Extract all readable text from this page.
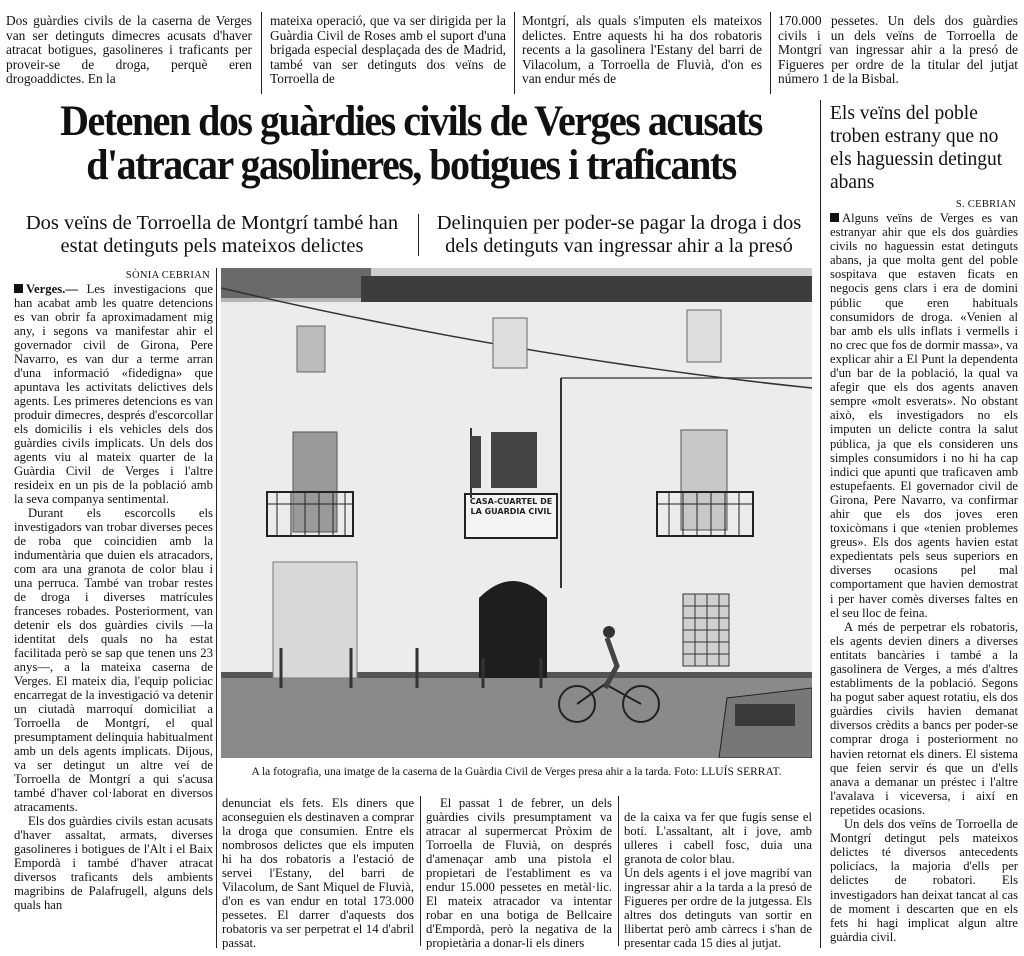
Dos guàrdies civils de la caserna de Verges van ser detinguts dimecres acusats d'haver atracat botigues, gasolineres i traficants per proveir-se de droga, perquè eren drogoaddictes. En la
mateixa operació, que va ser dirigida per la Guàrdia Civil de Roses amb el suport d'una brigada especial desplaçada des de Madrid, també van ser detinguts dos veïns de Torroella de
Montgrí, als quals s'imputen els mateixos delictes. Entre aquests hi ha dos robatoris recents a la gasolinera l'Estany del barri de Vilacolum, a Torroella de Fluvià, d'on es van endur més de
170.000 pessetes. Un dels dos guàrdies civils i un dels veïns de Torroella de Montgrí van ingressar ahir a la presó de Figueres per ordre de la titular del jutjat número 1 de la Bisbal.
Detenen dos guàrdies civils de Verges acusats d'atracar gasolineres, botigues i traficants
Dos veïns de Torroella de Montgrí també han estat detinguts pels mateixos delictes
Delinquien per poder-se pagar la droga i dos dels detinguts van ingressar ahir a la presó
Els veïns del poble troben estrany que no els haguessin detingut abans
S. CEBRIAN

Alguns veïns de Verges es van estranyar ahir que els dos guàrdies civils no haguessin estat detinguts abans, ja que molta gent del poble sospitava que estaven ficats en negocis gens clars i era de domini públic que eren habituals consumidors de droga. «Venien al bar amb els ulls inflats i vermells i no crec que fos de dormir massa», va explicar ahir a El Punt la dependenta d'un bar de la població, la qual va afegir que els dos agents anaven sempre «molt esverats». No obstant això, els investigadors no els imputen un delicte contra la salut pública, ja que els consideren uns simples consumidors i no hi ha cap indici que apunti que traficaven amb estupefaents. El governador civil de Girona, Pere Navarro, va confirmar ahir que els dos joves eren toxicòmans i que «tenien problemes greus». Els dos agents havien estat expedientats pels seus superiors en diverses ocasions pel mal comportament que havien demostrat i per haver comès diverses faltes en el seu lloc de feina.

A més de perpetrar els robatoris, els agents devien diners a diverses entitats bancàries i també a la gasolinera de Verges, a més d'altres establiments de la població. Segons ha pogut saber aquest rotatiu, els dos guàrdies civils havien demanat diversos crèdits a bancs per poder-se comprar droga i posteriorment no havien retornat els diners. El sistema que feien servir és que un d'ells anava a demanar un préstec i l'altre l'avalava i viceversa, i així en repetides ocasions.

Un dels dos veïns de Torroella de Montgrí detingut pels mateixos delictes té diversos antecedents policíacs, la majoria d'ells per delictes de robatori. Els investigadors han deixat tancat al cas de moment i descarten que en els fets hi hagi implicat algun altre guàrdia civil.

SÒNIA CEBRIAN

Verges.— Les investigacions que han acabat amb les quatre detencions es van obrir fa aproximadament mig any, i segons va manifestar ahir el governador civil de Girona, Pere Navarro, es van dur a terme arran d'una informació «fidedigna» que apuntava les activitats delictives dels agents. Les primeres detencions es van produir dimecres, després d'escorcollar els domicilis i els vehicles dels dos guàrdies civils implicats. Un dels dos agents viu al mateix quarter de la Guàrdia Civil de Verges i l'altre resideix en un pis de la població amb la seva companya sentimental.

Durant els escorcolls els investigadors van trobar diverses peces de roba que coincidien amb la indumentària que duien els atracadors, com ara una granota de color blau i una perruca. També van trobar restes de droga i diverses matrícules franceses robades. Posteriorment, van detenir els dos guàrdies civils —la identitat dels quals no ha estat facilitada però se sap que tenen uns 23 anys—, a la mateixa caserna de Verges. El mateix dia, l'equip policiac encarregat de la investigació va detenir un ciutadà marroquí domiciliat a Torroella de Montgrí, el qual presumptament delinquia habitualment amb un dels agents implicats. Dijous, va ser detingut un altre veí de Torroella de Montgrí a qui s'acusa també d'haver col·laborat en diversos atracaments.

Els dos guàrdies civils estan acusats d'haver assaltat, armats, diverses gasolineres i botigues de l'Alt i el Baix Empordà i també d'haver atracat diversos traficants dels ambients magribins de Palafrugell, alguns dels quals han

CASA-CUARTEL DE LA GUARDIA CIVIL
A la fotografia, una imatge de la caserna de la Guàrdia Civil de Verges presa ahir a la tarda. Foto: LLUÍS SERRAT.

denunciat els fets. Els diners que aconseguien els destinaven a comprar la droga que consumien. Entre els nombrosos delictes que els imputen hi ha dos robatoris a l'estació de servei l'Estany, del barri de Vilacolum, de Sant Miquel de Fluvià, d'on es van endur en total 173.000 pessetes. El darrer d'aquests dos robatoris va ser perpetrat el 14 d'abril passat.

El passat 1 de febrer, un dels guàrdies civils presumptament va atracar al supermercat Pròxim de Torroella de Fluvià, on després d'amenaçar amb una pistola el propietari de l'establiment es va endur 15.000 pessetes en metàl·lic. El mateix atracador va intentar robar en una botiga de Bellcaire d'Empordà, però la negativa de la propietària a donar-li els diners

de la caixa va fer que fugís sense el botí. L'assaltant, alt i jove, amb ulleres i cabell fosc, duia una granota de color blau.
Un dels agents i el jove magribí van ingressar ahir a la tarda a la presó de Figueres per ordre de la jutgessa. Els altres dos detinguts van sortir en llibertat però amb càrrecs i s'han de presentar cada 15 dies al jutjat.
